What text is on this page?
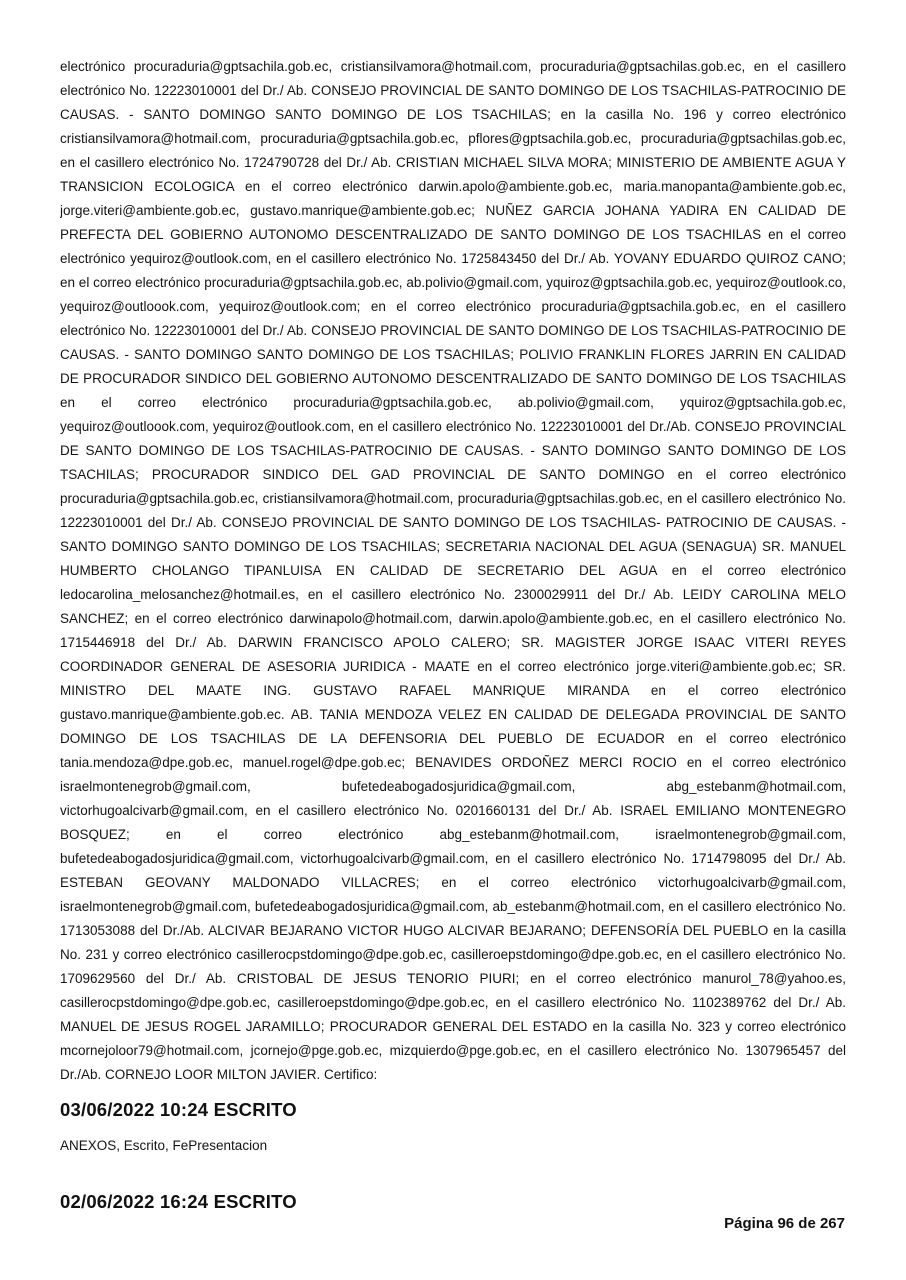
electrónico procuraduria@gptsachila.gob.ec, cristiansilvamora@hotmail.com, procuraduria@gptsachilas.gob.ec, en el casillero electrónico No. 12223010001 del Dr./ Ab. CONSEJO PROVINCIAL DE SANTO DOMINGO DE LOS TSACHILAS-PATROCINIO DE CAUSAS. - SANTO DOMINGO SANTO DOMINGO DE LOS TSACHILAS; en la casilla No. 196 y correo electrónico cristiansilvamora@hotmail.com, procuraduria@gptsachila.gob.ec, pflores@gptsachila.gob.ec, procuraduria@gptsachilas.gob.ec, en el casillero electrónico No. 1724790728 del Dr./ Ab. CRISTIAN MICHAEL SILVA MORA; MINISTERIO DE AMBIENTE AGUA Y TRANSICION ECOLOGICA en el correo electrónico darwin.apolo@ambiente.gob.ec, maria.manopanta@ambiente.gob.ec, jorge.viteri@ambiente.gob.ec, gustavo.manrique@ambiente.gob.ec; NUÑEZ GARCIA JOHANA YADIRA EN CALIDAD DE PREFECTA DEL GOBIERNO AUTONOMO DESCENTRALIZADO DE SANTO DOMINGO DE LOS TSACHILAS en el correo electrónico yequiroz@outlook.com, en el casillero electrónico No. 1725843450 del Dr./ Ab. YOVANY EDUARDO QUIROZ CANO; en el correo electrónico procuraduria@gptsachila.gob.ec, ab.polivio@gmail.com, yquiroz@gptsachila.gob.ec, yequiroz@outlook.co, yequiroz@outloook.com, yequiroz@outlook.com; en el correo electrónico procuraduria@gptsachila.gob.ec, en el casillero electrónico No. 12223010001 del Dr./ Ab. CONSEJO PROVINCIAL DE SANTO DOMINGO DE LOS TSACHILAS-PATROCINIO DE CAUSAS. - SANTO DOMINGO SANTO DOMINGO DE LOS TSACHILAS; POLIVIO FRANKLIN FLORES JARRIN EN CALIDAD DE PROCURADOR SINDICO DEL GOBIERNO AUTONOMO DESCENTRALIZADO DE SANTO DOMINGO DE LOS TSACHILAS en el correo electrónico procuraduria@gptsachila.gob.ec, ab.polivio@gmail.com, yquiroz@gptsachila.gob.ec, yequiroz@outloook.com, yequiroz@outlook.com, en el casillero electrónico No. 12223010001 del Dr./Ab. CONSEJO PROVINCIAL DE SANTO DOMINGO DE LOS TSACHILAS-PATROCINIO DE CAUSAS. - SANTO DOMINGO SANTO DOMINGO DE LOS TSACHILAS; PROCURADOR SINDICO DEL GAD PROVINCIAL DE SANTO DOMINGO en el correo electrónico procuraduria@gptsachila.gob.ec, cristiansilvamora@hotmail.com, procuraduria@gptsachilas.gob.ec, en el casillero electrónico No. 12223010001 del Dr./ Ab. CONSEJO PROVINCIAL DE SANTO DOMINGO DE LOS TSACHILAS- PATROCINIO DE CAUSAS. - SANTO DOMINGO SANTO DOMINGO DE LOS TSACHILAS; SECRETARIA NACIONAL DEL AGUA (SENAGUA) SR. MANUEL HUMBERTO CHOLANGO TIPANLUISA EN CALIDAD DE SECRETARIO DEL AGUA en el correo electrónico ledocarolina_melosanchez@hotmail.es, en el casillero electrónico No. 2300029911 del Dr./ Ab. LEIDY CAROLINA MELO SANCHEZ; en el correo electrónico darwinapolo@hotmail.com, darwin.apolo@ambiente.gob.ec, en el casillero electrónico No. 1715446918 del Dr./ Ab. DARWIN FRANCISCO APOLO CALERO; SR. MAGISTER JORGE ISAAC VITERI REYES COORDINADOR GENERAL DE ASESORIA JURIDICA - MAATE en el correo electrónico jorge.viteri@ambiente.gob.ec; SR. MINISTRO DEL MAATE ING. GUSTAVO RAFAEL MANRIQUE MIRANDA en el correo electrónico gustavo.manrique@ambiente.gob.ec. AB. TANIA MENDOZA VELEZ EN CALIDAD DE DELEGADA PROVINCIAL DE SANTO DOMINGO DE LOS TSACHILAS DE LA DEFENSORIA DEL PUEBLO DE ECUADOR en el correo electrónico tania.mendoza@dpe.gob.ec, manuel.rogel@dpe.gob.ec; BENAVIDES ORDOÑEZ MERCI ROCIO en el correo electrónico israelmontenegrob@gmail.com, bufetedeabogadosjuridica@gmail.com, abg_estebanm@hotmail.com, victorhugoalcivarb@gmail.com, en el casillero electrónico No. 0201660131 del Dr./ Ab. ISRAEL EMILIANO MONTENEGRO BOSQUEZ; en el correo electrónico abg_estebanm@hotmail.com, israelmontenegrob@gmail.com, bufetedeabogadosjuridica@gmail.com, victorhugoalcivarb@gmail.com, en el casillero electrónico No. 1714798095 del Dr./ Ab. ESTEBAN GEOVANY MALDONADO VILLACRES; en el correo electrónico victorhugoalcivarb@gmail.com, israelmontenegrob@gmail.com, bufetedeabogadosjuridica@gmail.com, ab_estebanm@hotmail.com, en el casillero electrónico No. 1713053088 del Dr./Ab. ALCIVAR BEJARANO VICTOR HUGO ALCIVAR BEJARANO; DEFENSORÍA DEL PUEBLO en la casilla No. 231 y correo electrónico casillerocpstdomingo@dpe.gob.ec, casilleroepstdomingo@dpe.gob.ec, en el casillero electrónico No. 1709629560 del Dr./ Ab. CRISTOBAL DE JESUS TENORIO PIURI; en el correo electrónico manurol_78@yahoo.es, casillerocpstdomingo@dpe.gob.ec, casilleroepstdomingo@dpe.gob.ec, en el casillero electrónico No. 1102389762 del Dr./ Ab. MANUEL DE JESUS ROGEL JARAMILLO; PROCURADOR GENERAL DEL ESTADO en la casilla No. 323 y correo electrónico mcornejoloor79@hotmail.com, jcornejo@pge.gob.ec, mizquierdo@pge.gob.ec, en el casillero electrónico No. 1307965457 del Dr./Ab. CORNEJO LOOR MILTON JAVIER. Certifico:
03/06/2022 10:24 ESCRITO
ANEXOS, Escrito, FePresentacion
02/06/2022 16:24 ESCRITO
Página 96 de 267
